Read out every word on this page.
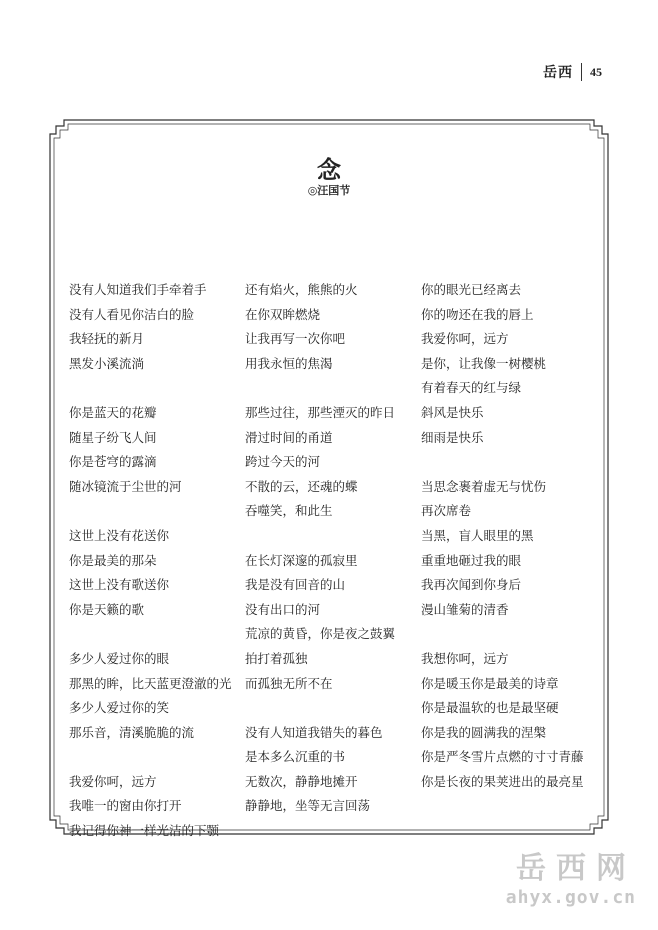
岳西 45
念
◎汪国节
没有人知道我们手牵着手
没有人看见你洁白的脸
我轻抚的新月
黑发小溪流淌
你是蓝天的花瓣
随星子纷飞人间
你是苍穹的露滴
随冰镜流于尘世的河
这世上没有花送你
你是最美的那朵
这世上没有歌送你
你是天籁的歌
多少人爱过你的眼
那黑的眸，比天蓝更澄澈的光
多少人爱过你的笑
那乐音，清溪脆脆的流
我爱你呵，远方
我唯一的窗由你打开
我记得你神一样光洁的下颚
还有焰火，熊熊的火
在你双眸燃烧
让我再写一次你吧
用我永恒的焦渴
那些过往，那些湮灭的昨日
滑过时间的甬道
跨过今天的河
不散的云，还魂的蝶
吞噬笑，和此生
在长灯深邃的孤寂里
我是没有回音的山
没有出口的河
荒凉的黄昏，你是夜之鼓翼
拍打着孤独
而孤独无所不在
没有人知道我错失的暮色
是本多么沉重的书
无数次，静静地摊开
静静地，坐等无言回荡
你的眼光已经离去
你的吻还在我的唇上
我爱你呵，远方
是你，让我像一树樱桃
有着春天的红与绿
斜风是快乐
细雨是快乐
当思念裹着虚无与忧伤
再次席卷
当黑，盲人眼里的黑
重重地砸过我的眼
我再次闻到你身后
漫山雏菊的清香
我想你呵，远方
你是暖玉你是最美的诗章
你是最温软的也是最坚硬
你是我的圆满我的涅槃
你是严冬雪片点燃的寸寸青藤
你是长夜的果荚进出的最亮星
岳西网
ahyx.gov.cn
